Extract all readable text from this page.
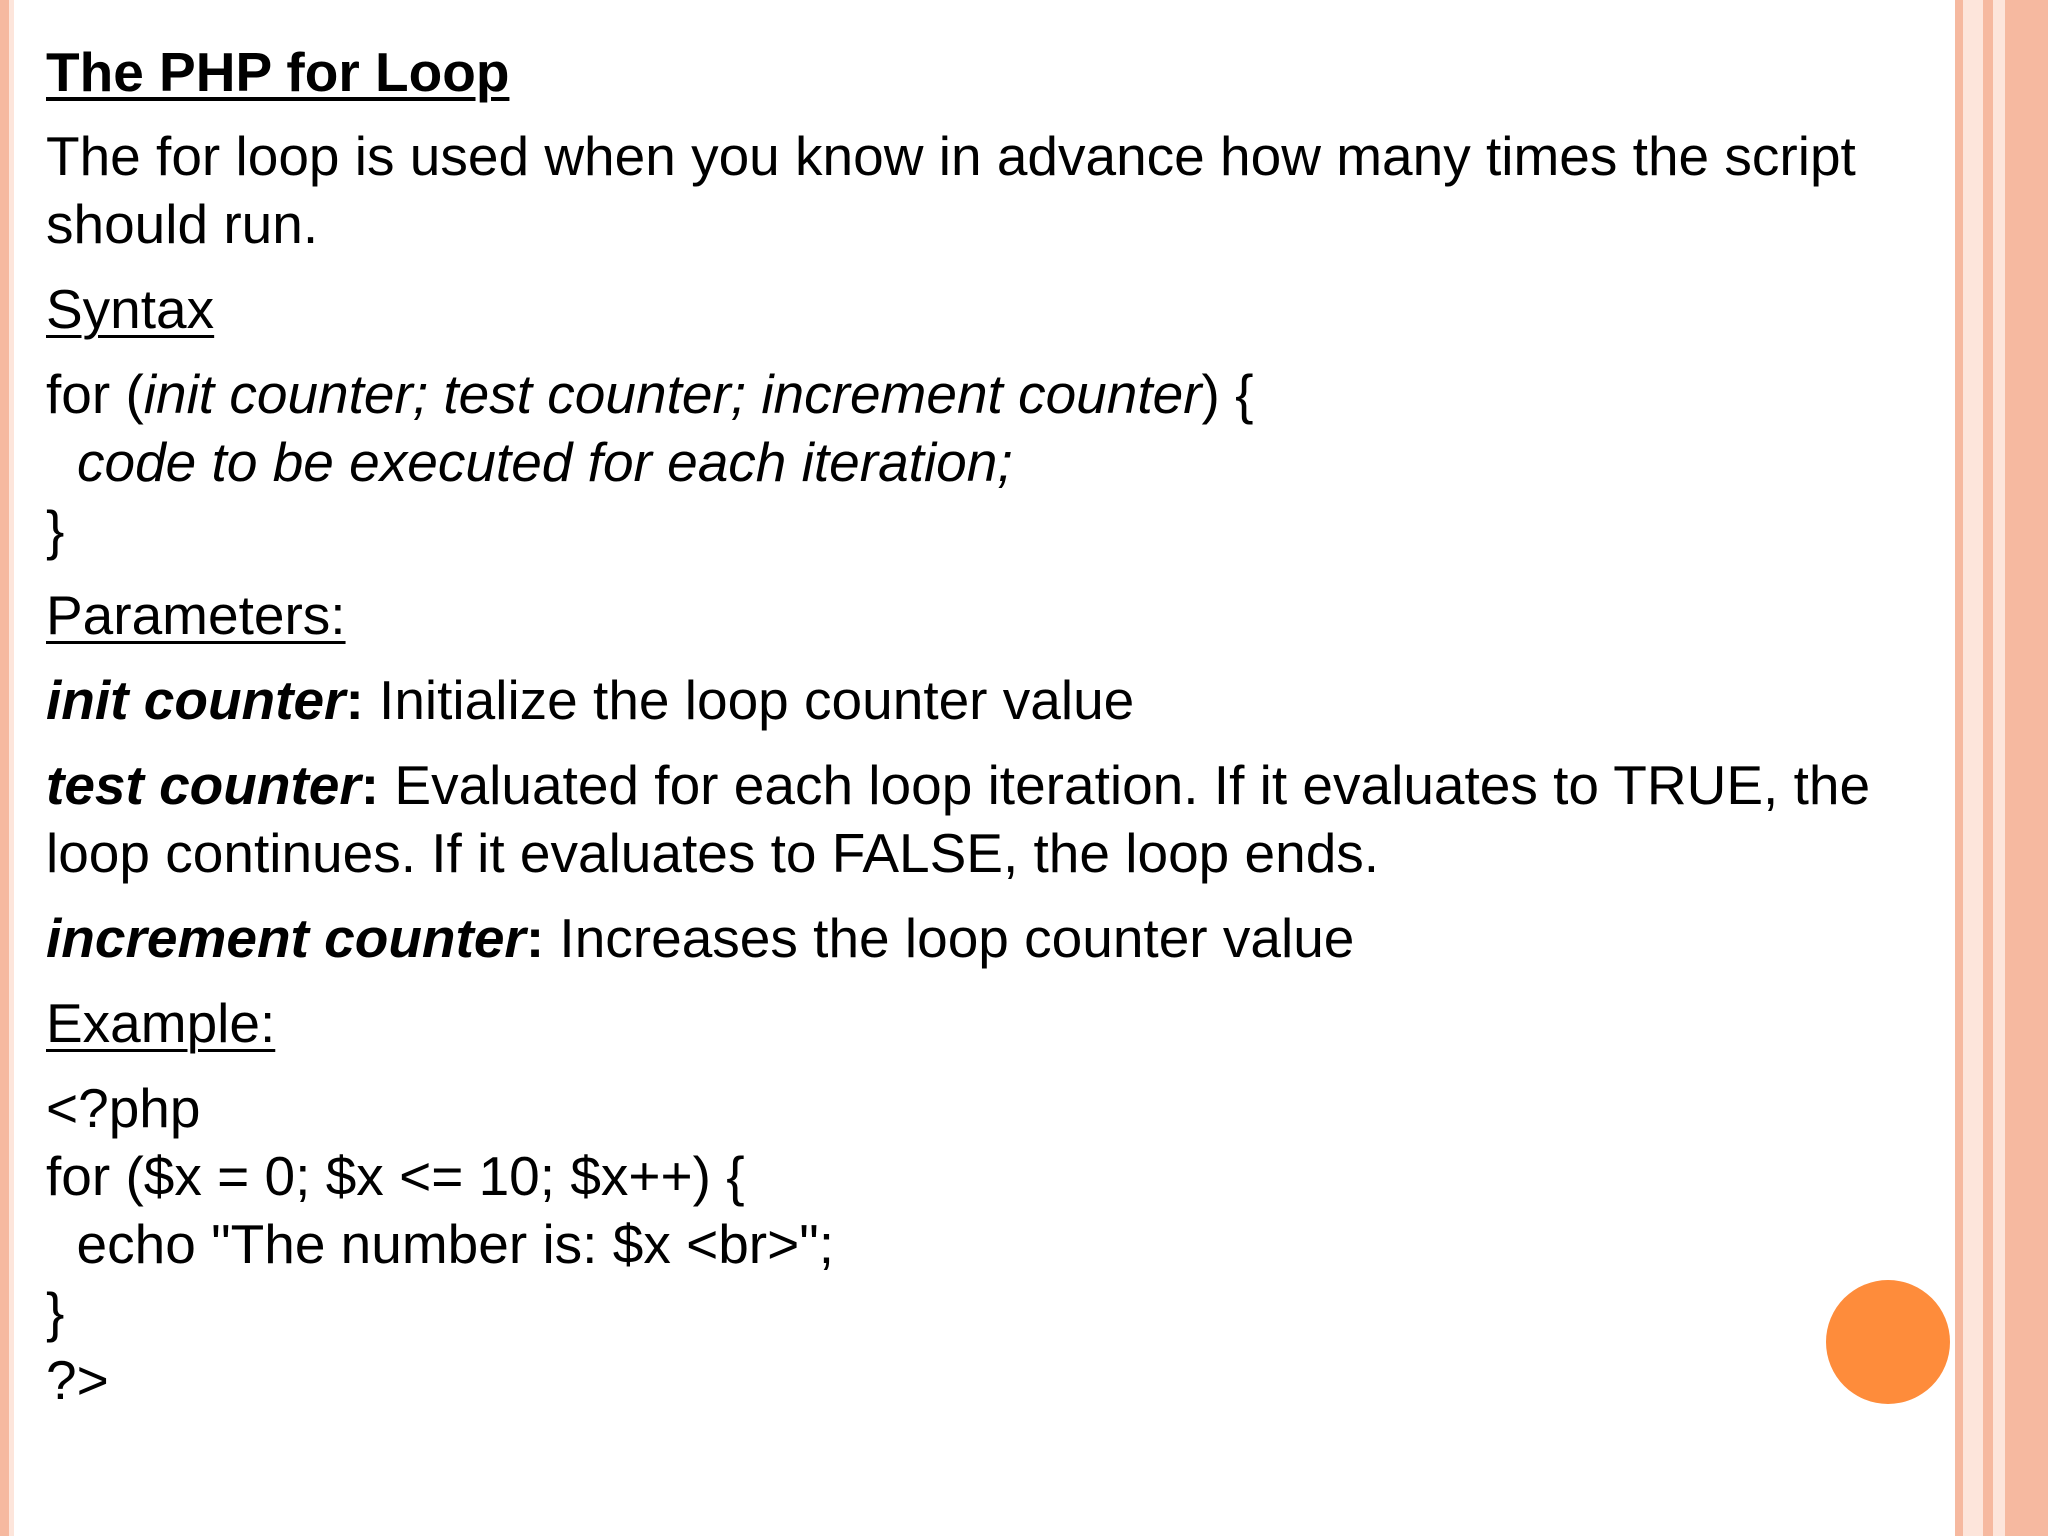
The PHP for Loop

The for loop is used when you know in advance how many times the script should run.

Syntax

for (init counter; test counter; increment counter) {

code to be executed for each iteration;

}

Parameters:

init counter: Initialize the loop counter value

test counter: Evaluated for each loop iteration. If it evaluates to TRUE, the loop continues. If it evaluates to FALSE, the loop ends.

increment counter: Increases the loop counter value

Example:

<?php

for ($x = 0; $x <= 10; $x++) {

echo "The number is: $x <br>";

}

?>
